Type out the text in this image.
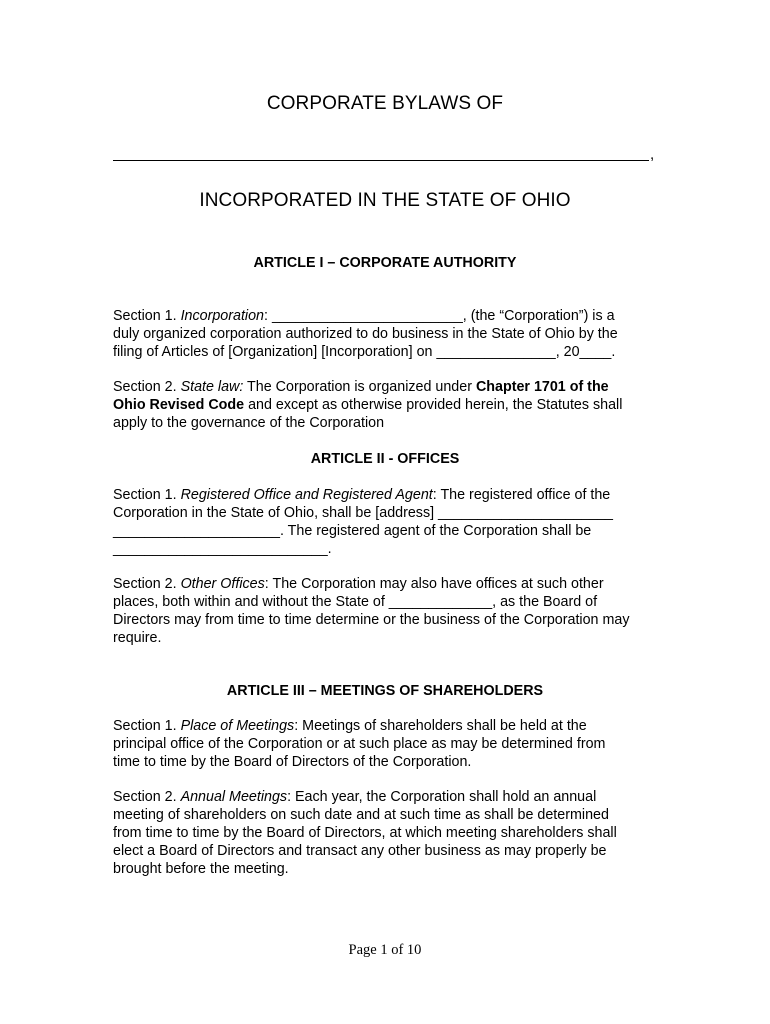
CORPORATE BYLAWS OF
,
INCORPORATED IN THE STATE OF OHIO
ARTICLE I – CORPORATE AUTHORITY
Section 1. Incorporation: ________________________, (the “Corporation”) is a
duly organized corporation authorized to do business in the State of Ohio by the
filing of Articles of [Organization] [Incorporation] on _______________, 20____.
Section 2. State law: The Corporation is organized under Chapter 1701 of the
Ohio Revised Code and except as otherwise provided herein, the Statutes shall
apply to the governance of the Corporation
ARTICLE II - OFFICES
Section 1. Registered Office and Registered Agent: The registered office of the
Corporation in the State of Ohio, shall be [address] ______________________
_____________________. The registered agent of the Corporation shall be
___________________________.
Section 2. Other Offices: The Corporation may also have offices at such other
places, both within and without the State of _____________, as the Board of
Directors may from time to time determine or the business of the Corporation may
require.
ARTICLE III – MEETINGS OF SHAREHOLDERS
Section 1. Place of Meetings: Meetings of shareholders shall be held at the
principal office of the Corporation or at such place as may be determined from
time to time by the Board of Directors of the Corporation.
Section 2. Annual Meetings: Each year, the Corporation shall hold an annual
meeting of shareholders on such date and at such time as shall be determined
from time to time by the Board of Directors, at which meeting shareholders shall
elect a Board of Directors and transact any other business as may properly be
brought before the meeting.
Page 1 of 10
